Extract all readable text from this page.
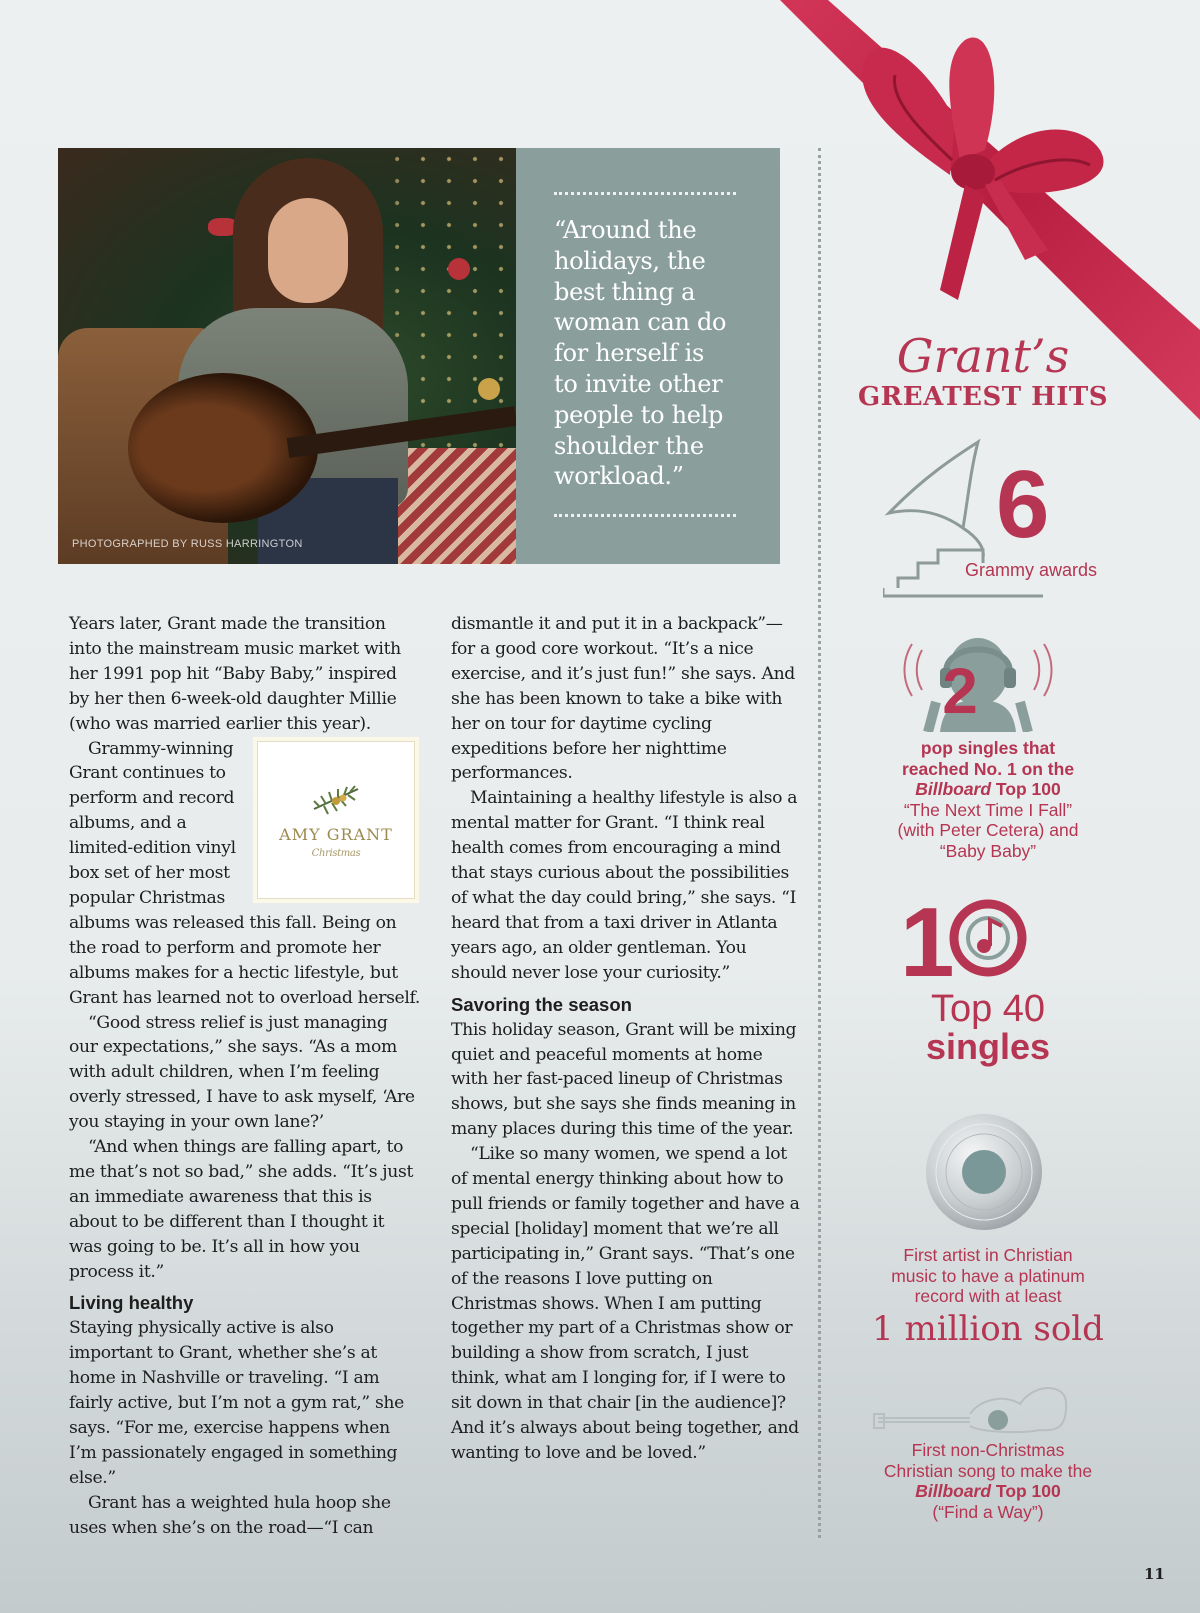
PHOTOGRAPHED BY RUSS HARRINGTON
“Around the
holidays, the
best thing a
woman can do
for herself is
to invite other
people to help
shoulder the
workload.”

Years later, Grant made the transition into the mainstream music market with her 1991 pop hit “Baby Baby,” inspired by her then 6-week-old daughter Millie (who was married earlier this year).

AMY GRANT
Christmas

Grammy-winning Grant continues to perform and record albums, and a limited-edition vinyl box set of her most popular Christmas albums was released this fall. Being on the road to perform and promote her albums makes for a hectic lifestyle, but Grant has learned not to overload herself.

“Good stress relief is just managing our expectations,” she says. “As a mom with adult children, when I’m feeling overly stressed, I have to ask myself, ‘Are you staying in your own lane?’

“And when things are falling apart, to me that’s not so bad,” she adds. “It’s just an immediate awareness that this is about to be different than I thought it was going to be. It’s all in how you process it.”

Living healthy

Staying physically active is also important to Grant, whether she’s at home in Nashville or traveling. “I am fairly active, but I’m not a gym rat,” she says. “For me, exercise happens when I’m passionately engaged in something else.”

Grant has a weighted hula hoop she uses when she’s on the road—“I can

dismantle it and put it in a backpack”—for a good core workout. “It’s a nice exercise, and it’s just fun!” she says. And she has been known to take a bike with her on tour for daytime cycling expeditions before her nighttime performances.

Maintaining a healthy lifestyle is also a mental matter for Grant. “I think real health comes from encouraging a mind that stays curious about the possibilities of what the day could bring,” she says. “I heard that from a taxi driver in Atlanta years ago, an older gentleman. You should never lose your curiosity.”

Savoring the season

This holiday season, Grant will be mixing quiet and peaceful moments at home with her fast-paced lineup of Christmas shows, but she says she finds meaning in many places during this time of the year.

“Like so many women, we spend a lot of mental energy thinking about how to pull friends or family together and have a special [holiday] moment that we’re all participating in,” Grant says. “That’s one of the reasons I love putting on Christmas shows. When I am putting together my part of a Christmas show or building a show from scratch, I just think, what am I longing for, if I were to sit down in that chair [in the audience]? And it’s always about being together, and wanting to love and be loved.”

Grant’s
GREATEST HITS
6
Grammy awards
2
pop singles that
reached No. 1 on the
Billboard Top 100
“The Next Time I Fall”
(with Peter Cetera) and
“Baby Baby”
1
Top 40
singles
First artist in Christian
music to have a platinum
record with at least
1 million sold
First non-Christmas
Christian song to make the
Billboard Top 100
(“Find a Way”)
11
